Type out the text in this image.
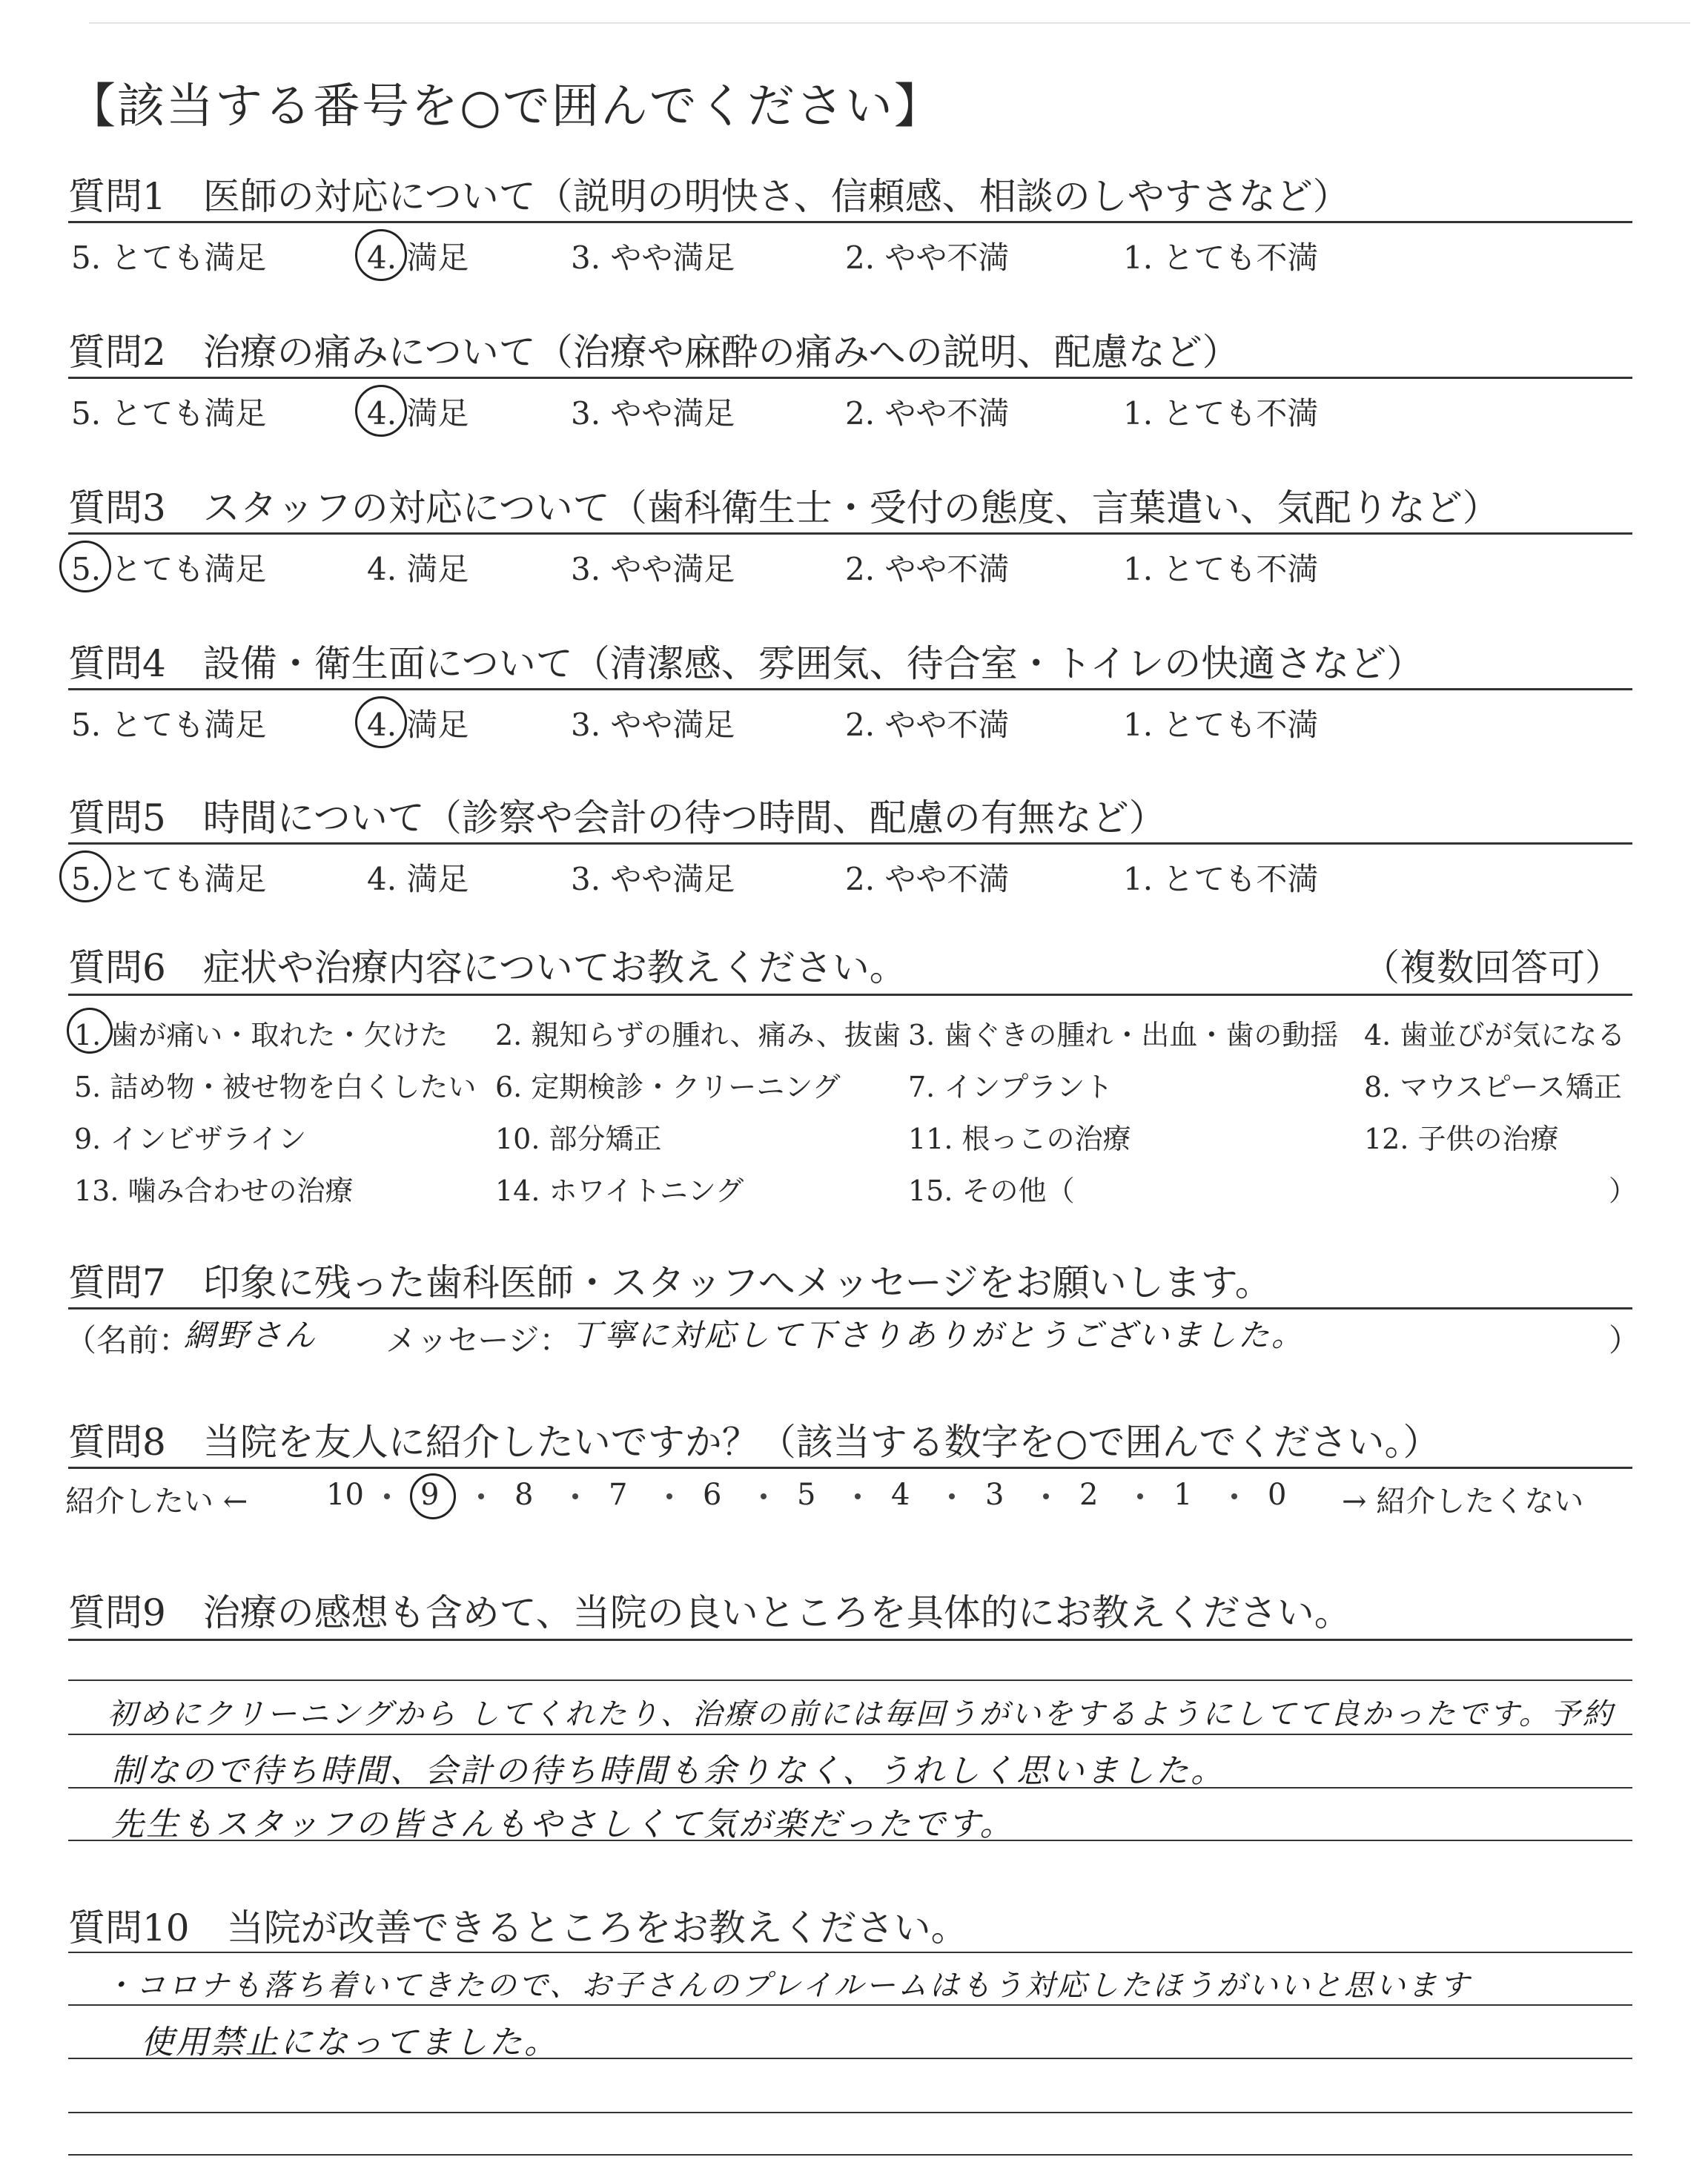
【該当する番号を○で囲んでください】
質問1　医師の対応について（説明の明快さ、信頼感、相談のしやすさなど）
5. とても満足	4. 満足	3. やや満足	2. やや不満	1. とても不満
質問2　治療の痛みについて（治療や麻酔の痛みへの説明、配慮など）
5. とても満足	4. 満足	3. やや満足	2. やや不満	1. とても不満
質問3　スタッフの対応について（歯科衛生士・受付の態度、言葉遣い、気配りなど）
5. とても満足	4. 満足	3. やや満足	2. やや不満	1. とても不満
質問4　設備・衛生面について（清潔感、雰囲気、待合室・トイレの快適さなど）
5. とても満足	4. 満足	3. やや満足	2. やや不満	1. とても不満
質問5　時間について（診察や会計の待つ時間、配慮の有無など）
5. とても満足	4. 満足	3. やや満足	2. やや不満	1. とても不満
質問6　症状や治療内容についてお教えください。	（複数回答可）
1. 歯が痛い・取れた・欠けた 2. 親知らずの腫れ、痛み、抜歯 3. 歯ぐきの腫れ・出血・歯の動揺 4. 歯並びが気になる
5. 詰め物・被せ物を白くしたい 6. 定期検診・クリーニング 7. インプラント	8. マウスピース矯正
9. インビザライン	10. 部分矯正	11. 根っこの治療	12. 子供の治療
13. 噛み合わせの治療	14. ホワイトニング	15. その他（	）
質問7　印象に残った歯科医師・スタッフへメッセージをお願いします。
（名前：
網野さん メッセージ： 丁寧に対応して下さりありがとうございました。	）
質問8　当院を友人に紹介したいですか？（該当する数字を○で囲んでください。）
紹介したい ←	→ 紹介したくない
10 9	8	7	6	5	4	3	2	1	0
質問9　治療の感想も含めて、当院の良いところを具体的にお教えください。
初めにクリーニングから してくれたり、治療の前には毎回うがいをするようにしてて良かったです。予約
制なので待ち時間、会計の待ち時間も余りなく、うれしく思いました。
先生もスタッフの皆さんもやさしくて気が楽だったです。
質問10　当院が改善できるところをお教えください。
・コロナも落ち着いてきたので、お子さんのプレイルームはもう対応したほうがいいと思います
使用禁止になってました。
